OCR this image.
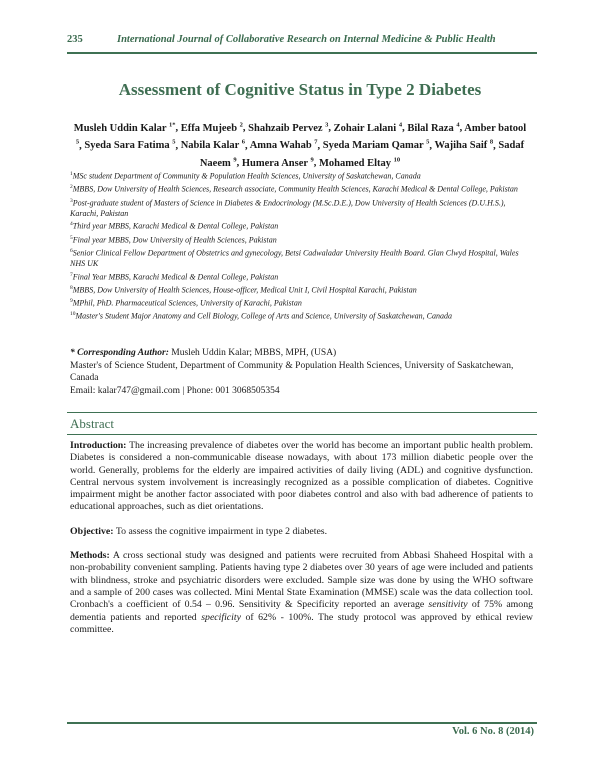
235	International Journal of Collaborative Research on Internal Medicine & Public Health
Assessment of Cognitive Status in Type 2 Diabetes
Musleh Uddin Kalar $^{1*}$, Effa Mujeeb $^2$, Shahzaib Pervez $^3$, Zohair Lalani $^4$, Bilal Raza $^4$, Amber batool $^5$, Syeda Sara Fatima $^5$, Nabila Kalar $^6$, Amna Wahab $^7$, Syeda Mariam Qamar $^5$, Wajiha Saif $^8$, Sadaf Naeem $^9$, Humera Anser $^9$, Mohamed Eltay $^{10}$

$^1$MSc student Department of Community & Population Health Sciences, University of Saskatchewan, Canada

$^2$MBBS, Dow University of Health Sciences, Research associate, Community Health Sciences, Karachi Medical & Dental College, Pakistan

$^3$Post-graduate student of Masters of Science in Diabetes & Endocrinology (M.Sc.D.E.), Dow University of Health Sciences (D.U.H.S.), Karachi, Pakistan

$^4$Third year MBBS, Karachi Medical & Dental College, Pakistan

$^5$Final year MBBS, Dow University of Health Sciences, Pakistan

$^6$Senior Clinical Fellow Department of Obstetrics and gynecology, Betsi Cadwaladar University Health Board. Glan Clwyd Hospital, Wales NHS UK

$^7$Final Year MBBS, Karachi Medical & Dental College, Pakistan

$^8$MBBS, Dow University of Health Sciences, House-officer, Medical Unit I, Civil Hospital Karachi, Pakistan

$^9$MPhil, PhD. Pharmaceutical Sciences, University of Karachi, Pakistan

$^{10}$Master's Student Major Anatomy and Cell Biology, College of Arts and Science, University of Saskatchewan, Canada

* Corresponding Author: Musleh Uddin Kalar; MBBS, MPH, (USA)

Master's of Science Student, Department of Community & Population Health Sciences, University of Saskatchewan, Canada

Email: kalar747@gmail.com | Phone: 001 3068505354

Abstract

Introduction: The increasing prevalence of diabetes over the world has become an important public health problem. Diabetes is considered a non-communicable disease nowadays, with about 173 million diabetic people over the world. Generally, problems for the elderly are impaired activities of daily living (ADL) and cognitive dysfunction. Central nervous system involvement is increasingly recognized as a possible complication of diabetes. Cognitive impairment might be another factor associated with poor diabetes control and also with bad adherence of patients to educational approaches, such as diet orientations.

Objective: To assess the cognitive impairment in type 2 diabetes.

Methods: A cross sectional study was designed and patients were recruited from Abbasi Shaheed Hospital with a non-probability convenient sampling. Patients having type 2 diabetes over 30 years of age were included and patients with blindness, stroke and psychiatric disorders were excluded. Sample size was done by using the WHO software and a sample of 200 cases was collected. Mini Mental State Examination (MMSE) scale was the data collection tool. Cronbach's a coefficient of 0.54 – 0.96. Sensitivity & Specificity reported an average sensitivity of 75% among dementia patients and reported specificity of 62% - 100%. The study protocol was approved by ethical review committee.

Vol. 6 No. 8 (2014)
